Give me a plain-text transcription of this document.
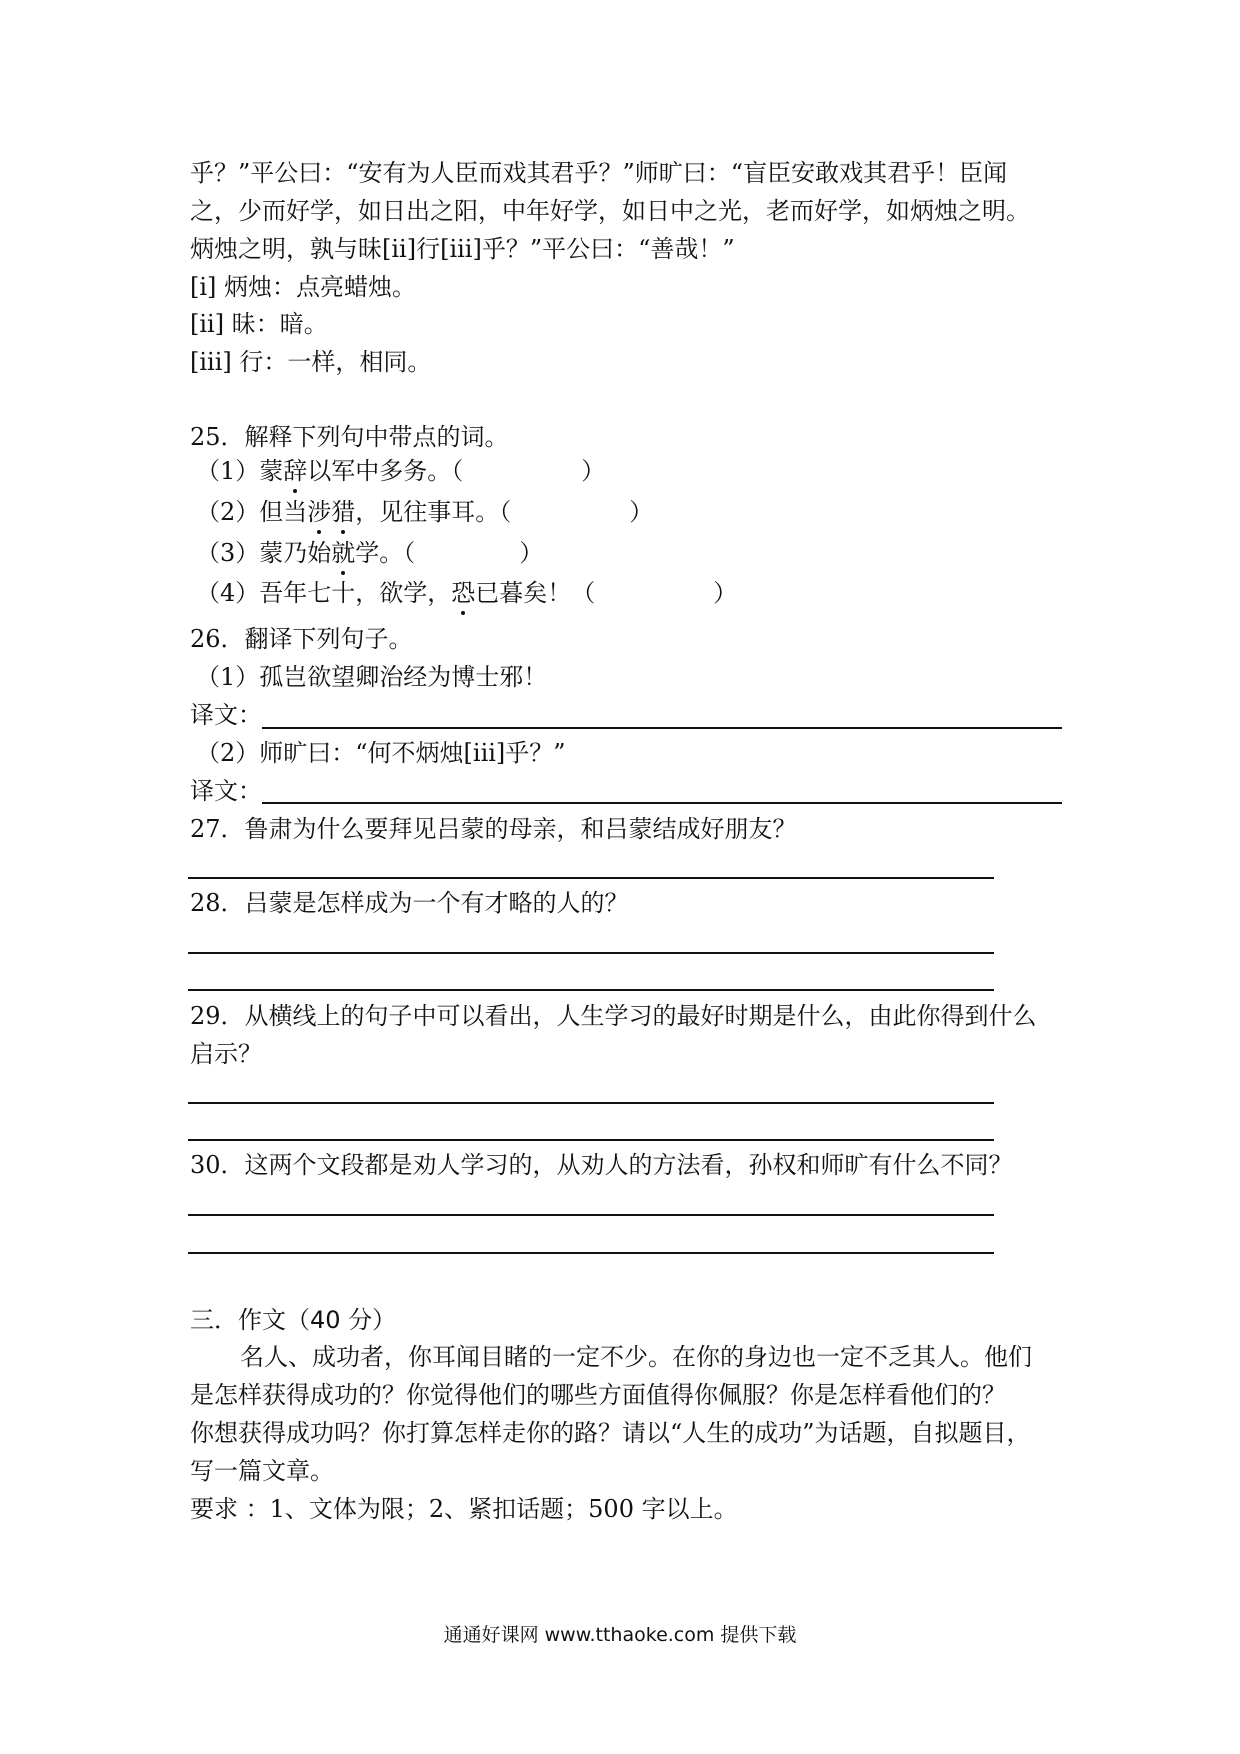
乎？”平公曰：“安有为人臣而戏其君乎？”师旷曰：“盲臣安敢戏其君乎！臣闻
之，少而好学，如日出之阳，中年好学，如日中之光，老而好学，如炳烛之明。
炳烛之明，孰与昧[ii]行[iii]乎？”平公曰：“善哉！”
[i] 炳烛：点亮蜡烛。
[ii] 昧：暗。
[iii] 行：一样，相同。
25．解释下列句中带点的词。
（1）蒙辞以军中多务。（	）
（2）但当涉猎，见往事耳。（	）
（3）蒙乃始就学。（	）
（4）吾年七十，欲学，恐已暮矣！（	）
26．翻译下列句子。
（1）孤岂欲望卿治经为博士邪！
译文：
（2）师旷曰：“何不炳烛[iii]乎？”
译文：
27．鲁肃为什么要拜见吕蒙的母亲，和吕蒙结成好朋友？
28．吕蒙是怎样成为一个有才略的人的？
29．从横线上的句子中可以看出，人生学习的最好时期是什么，由此你得到什么
启示？
30．这两个文段都是劝人学习的，从劝人的方法看，孙权和师旷有什么不同？
三．作文（40 分）
名人、成功者，你耳闻目睹的一定不少。在你的身边也一定不乏其人。他们
是怎样获得成功的？你觉得他们的哪些方面值得你佩服？你是怎样看他们的？
你想获得成功吗？你打算怎样走你的路？请以“人生的成功”为话题，自拟题目，
写一篇文章。
要求 ：1、文体为限；2、紧扣话题；500 字以上。
通通好课网 www.tthaoke.com 提供下载
